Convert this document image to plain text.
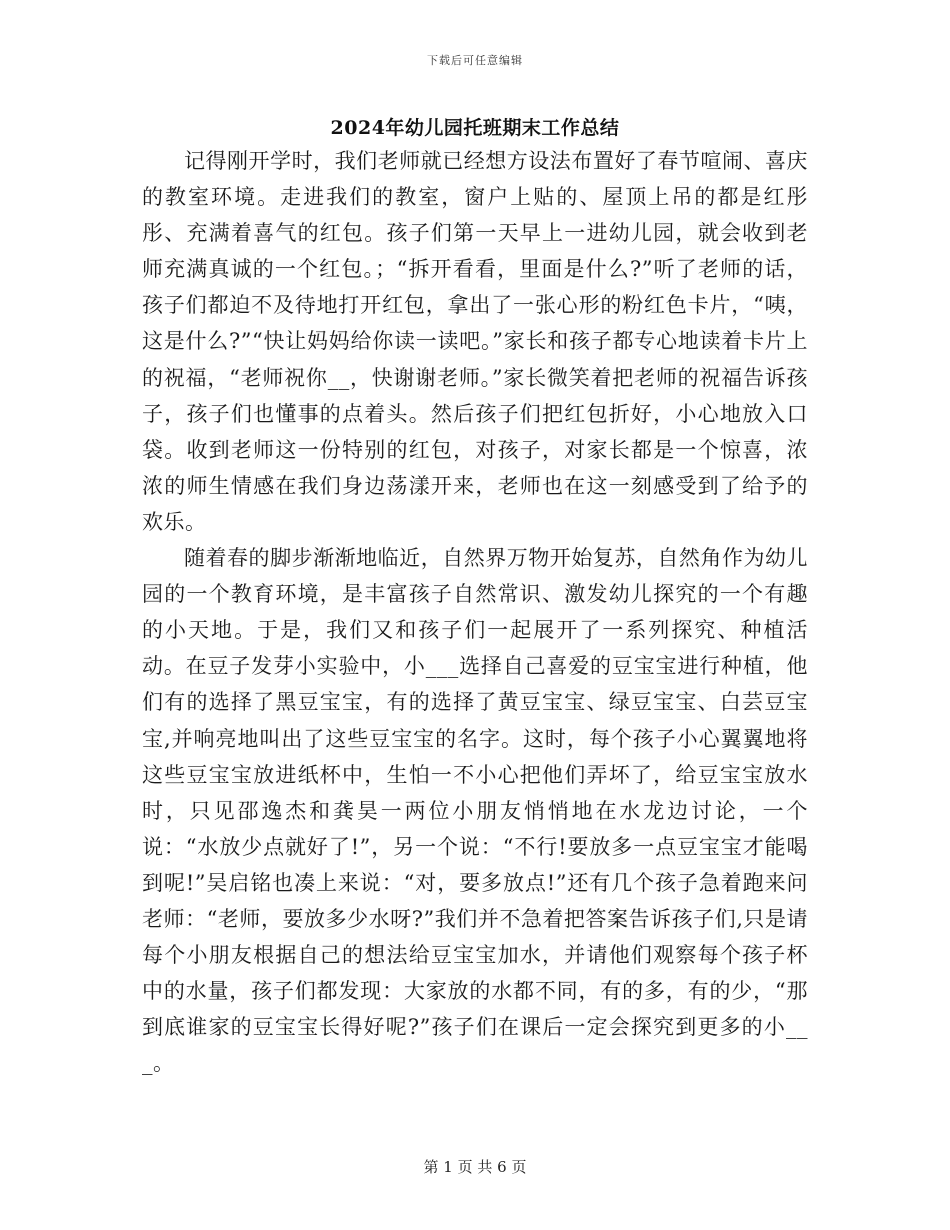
下载后可任意编辑
2024年幼儿园托班期末工作总结

记得刚开学时，我们老师就已经想方设法布置好了春节喧闹、喜庆的教室环境。走进我们的教室，窗户上贴的、屋顶上吊的都是红彤彤、充满着喜气的红包。孩子们第一天早上一进幼儿园，就会收到老师充满真诚的一个红包。；“拆开看看，里面是什么?”听了老师的话，孩子们都迫不及待地打开红包，拿出了一张心形的粉红色卡片，“咦，这是什么?”“快让妈妈给你读一读吧。”家长和孩子都专心地读着卡片上的祝福，“老师祝你__，快谢谢老师。”家长微笑着把老师的祝福告诉孩子，孩子们也懂事的点着头。然后孩子们把红包折好，小心地放入口袋。收到老师这一份特别的红包，对孩子，对家长都是一个惊喜，浓浓的师生情感在我们身边荡漾开来，老师也在这一刻感受到了给予的欢乐。

随着春的脚步渐渐地临近，自然界万物开始复苏，自然角作为幼儿园的一个教育环境，是丰富孩子自然常识、激发幼儿探究的一个有趣的小天地。于是，我们又和孩子们一起展开了一系列探究、种植活动。在豆子发芽小实验中，小___选择自己喜爱的豆宝宝进行种植，他们有的选择了黑豆宝宝，有的选择了黄豆宝宝、绿豆宝宝、白芸豆宝宝,并响亮地叫出了这些豆宝宝的名字。这时，每个孩子小心翼翼地将这些豆宝宝放进纸杯中，生怕一不小心把他们弄坏了，给豆宝宝放水时，只见邵逸杰和龚昊一两位小朋友悄悄地在水龙边讨论，一个说：“水放少点就好了!”，另一个说：“不行!要放多一点豆宝宝才能喝到呢!”吴启铭也凑上来说：“对，要多放点!”还有几个孩子急着跑来问老师：“老师，要放多少水呀?”我们并不急着把答案告诉孩子们,只是请每个小朋友根据自己的想法给豆宝宝加水，并请他们观察每个孩子杯中的水量，孩子们都发现：大家放的水都不同，有的多，有的少，“那到底谁家的豆宝宝长得好呢?”孩子们在课后一定会探究到更多的小___。

第 1 页 共 6 页
